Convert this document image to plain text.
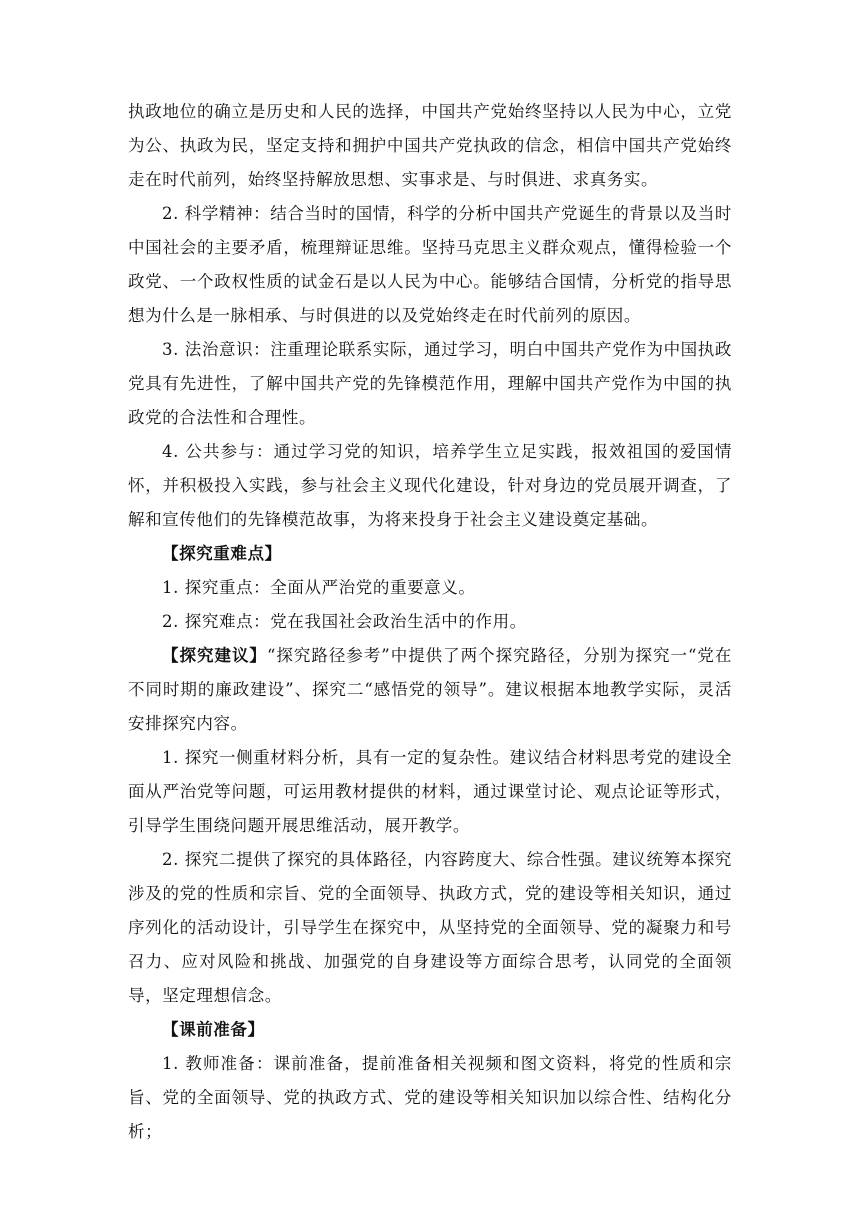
执政地位的确立是历史和人民的选择，中国共产党始终坚持以人民为中心，立党为公、执政为民，坚定支持和拥护中国共产党执政的信念，相信中国共产党始终走在时代前列，始终坚持解放思想、实事求是、与时俱进、求真务实。

2. 科学精神：结合当时的国情，科学的分析中国共产党诞生的背景以及当时中国社会的主要矛盾，梳理辩证思维。坚持马克思主义群众观点，懂得检验一个政党、一个政权性质的试金石是以人民为中心。能够结合国情，分析党的指导思想为什么是一脉相承、与时俱进的以及党始终走在时代前列的原因。

3. 法治意识：注重理论联系实际，通过学习，明白中国共产党作为中国执政党具有先进性，了解中国共产党的先锋模范作用，理解中国共产党作为中国的执政党的合法性和合理性。

4. 公共参与：通过学习党的知识，培养学生立足实践，报效祖国的爱国情怀，并积极投入实践，参与社会主义现代化建设，针对身边的党员展开调查，了解和宣传他们的先锋模范故事，为将来投身于社会主义建设奠定基础。

【探究重难点】

1. 探究重点：全面从严治党的重要意义。

2. 探究难点：党在我国社会政治生活中的作用。

【探究建议】“探究路径参考”中提供了两个探究路径，分别为探究一“党在不同时期的廉政建设”、探究二“感悟党的领导”。建议根据本地教学实际，灵活安排探究内容。

1. 探究一侧重材料分析，具有一定的复杂性。建议结合材料思考党的建设全面从严治党等问题，可运用教材提供的材料，通过课堂讨论、观点论证等形式，引导学生围绕问题开展思维活动，展开教学。

2. 探究二提供了探究的具体路径，内容跨度大、综合性强。建议统筹本探究涉及的党的性质和宗旨、党的全面领导、执政方式，党的建设等相关知识，通过序列化的活动设计，引导学生在探究中，从坚持党的全面领导、党的凝聚力和号召力、应对风险和挑战、加强党的自身建设等方面综合思考，认同党的全面领导，坚定理想信念。

【课前准备】

1. 教师准备：课前准备，提前准备相关视频和图文资料，将党的性质和宗旨、党的全面领导、党的执政方式、党的建设等相关知识加以综合性、结构化分析；
